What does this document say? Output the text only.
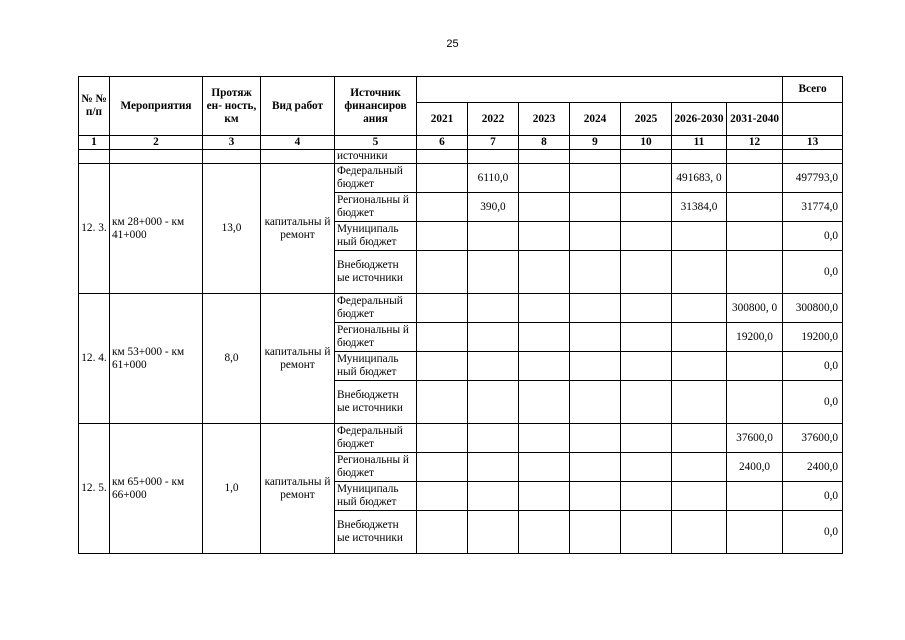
25
№ № п/п	Мероприятия	Протяж ен- ность, км	Вид работ	Источник финансиров ания								Всего
					2021	2022	2023	2024	2025	2026-2030	2031-2040	
1	2	3	4	5	6	7	8	9	10	11	12	13
				источники								
12. 3.	км 28+000 - км 41+000	13,0	капитальны й ремонт	Федеральный бюджет		6110,0				491683, 0		497793,0
				Региональны й бюджет		390,0				31384,0		31774,0
				Муниципаль ный бюджет								0,0
				Внебюджетн ые источники								0,0
12. 4.	км 53+000 - км 61+000	8,0	капитальны й ремонт	Федеральный бюджет							300800, 0	300800,0
				Региональны й бюджет							19200,0	19200,0
				Муниципаль ный бюджет								0,0
				Внебюджетн ые источники								0,0
12. 5.	км 65+000 - км 66+000	1,0	капитальны й ремонт	Федеральный бюджет							37600,0	37600,0
				Региональны й бюджет							2400,0	2400,0
				Муниципаль ный бюджет								0,0
				Внебюджетн ые источники								0,0
